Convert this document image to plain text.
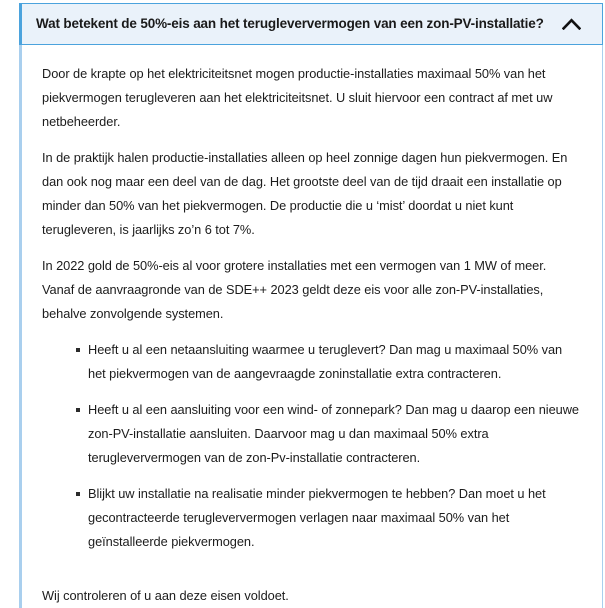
Wat betekent de 50%-eis aan het terugleververmogen van een zon-PV-installatie?

Door de krapte op het elektriciteitsnet mogen productie-installaties maximaal 50% van het piekvermogen terugleveren aan het elektriciteitsnet. U sluit hiervoor een contract af met uw netbeheerder.

In de praktijk halen productie-installaties alleen op heel zonnige dagen hun piekvermogen. En dan ook nog maar een deel van de dag. Het grootste deel van de tijd draait een installatie op minder dan 50% van het piekvermogen. De productie die u ‘mist’ doordat u niet kunt terugleveren, is jaarlijks zo’n 6 tot 7%.

In 2022 gold de 50%-eis al voor grotere installaties met een vermogen van 1 MW of meer. Vanaf de aanvraagronde van de SDE++ 2023 geldt deze eis voor alle zon-PV-installaties, behalve zonvolgende systemen.

Heeft u al een netaansluiting waarmee u teruglevert? Dan mag u maximaal 50% van het piekvermogen van de aangevraagde zoninstallatie extra contracteren.
Heeft u al een aansluiting voor een wind- of zonnepark? Dan mag u daarop een nieuwe zon-PV-installatie aansluiten. Daarvoor mag u dan maximaal 50% extra terugleververmogen van de zon-Pv-installatie contracteren.
Blijkt uw installatie na realisatie minder piekvermogen te hebben? Dan moet u het gecontracteerde terugleververmogen verlagen naar maximaal 50% van het geïnstalleerde piekvermogen.

Wij controleren of u aan deze eisen voldoet.
